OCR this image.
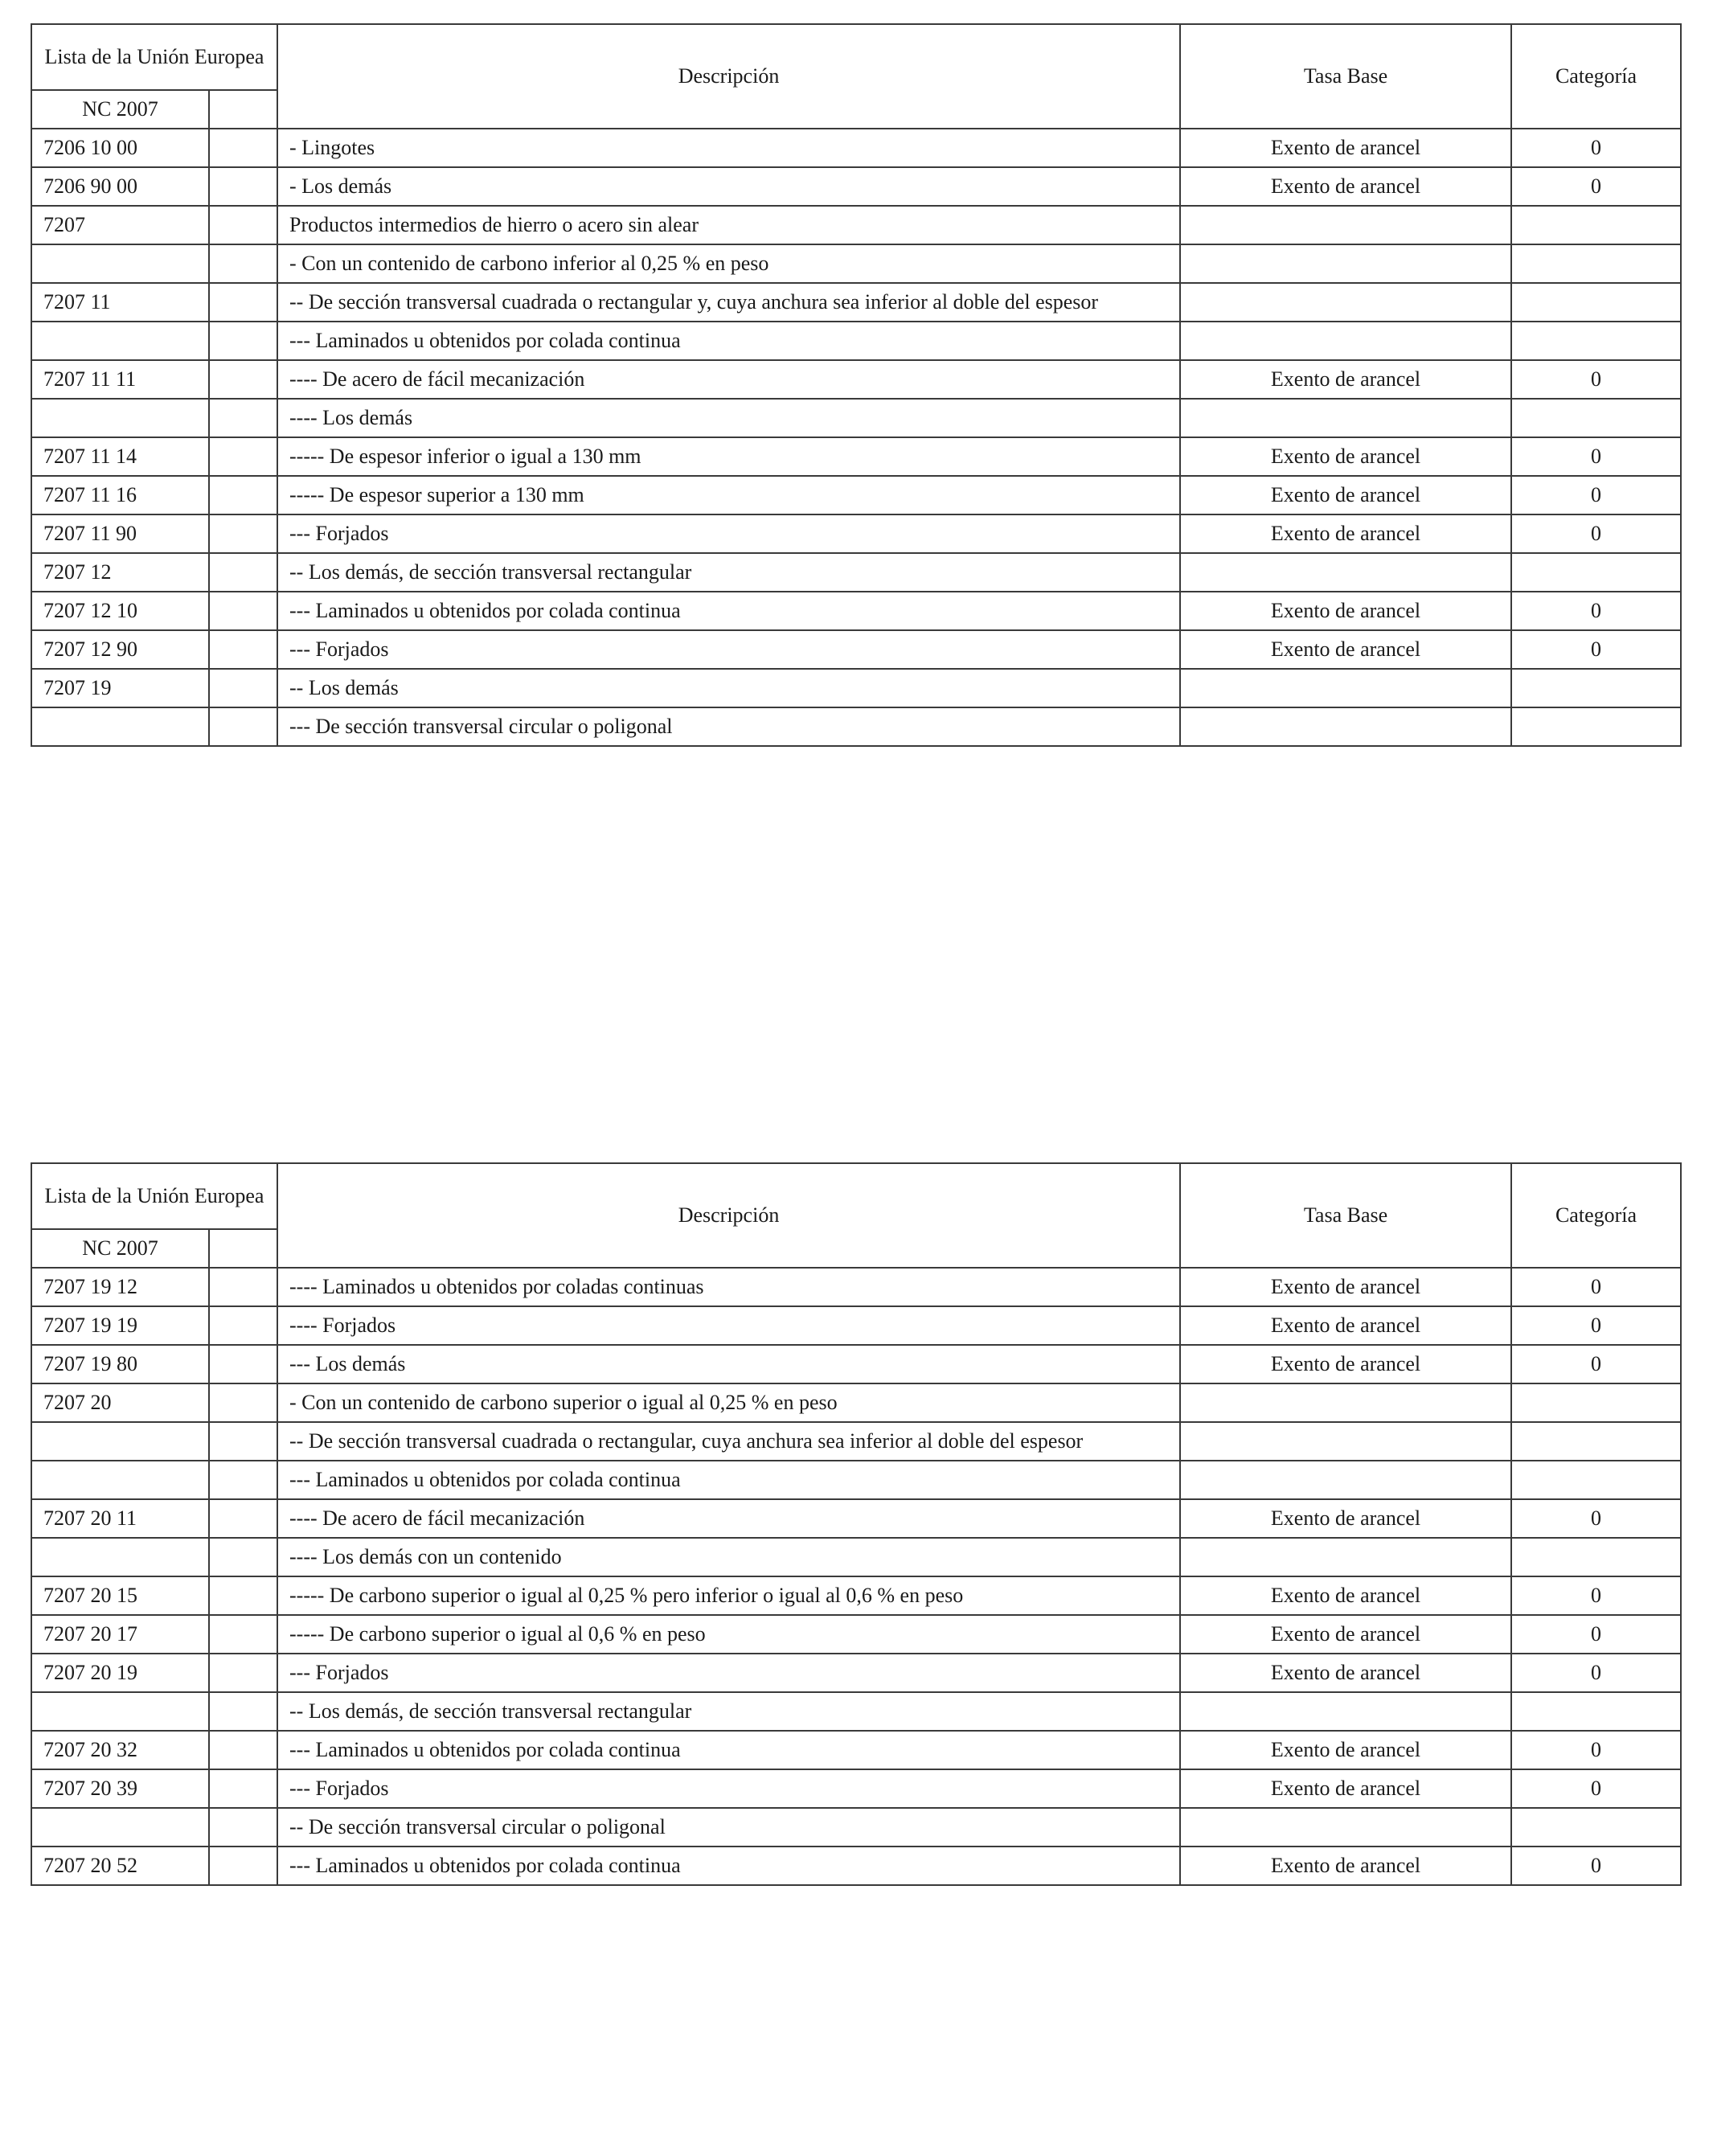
Lista de la Unión Europea		Descripción	Tasa Base	Categoría
NC 2007				
7206 10 00		- Lingotes	Exento de arancel	0
7206 90 00		- Los demás	Exento de arancel	0
7207		Productos intermedios de hierro o acero sin alear		
		- Con un contenido de carbono inferior al 0,25 % en peso		
7207 11		-- De sección transversal cuadrada o rectangular y, cuya anchura sea inferior al doble del espesor		
		--- Laminados u obtenidos por colada continua		
7207 11 11		---- De acero de fácil mecanización	Exento de arancel	0
		---- Los demás		
7207 11 14		----- De espesor inferior o igual a 130 mm	Exento de arancel	0
7207 11 16		----- De espesor superior a 130 mm	Exento de arancel	0
7207 11 90		--- Forjados	Exento de arancel	0
7207 12		-- Los demás, de sección transversal rectangular		
7207 12 10		--- Laminados u obtenidos por colada continua	Exento de arancel	0
7207 12 90		--- Forjados	Exento de arancel	0
7207 19		-- Los demás		
		--- De sección transversal circular o poligonal		
Lista de la Unión Europea		Descripción	Tasa Base	Categoría
NC 2007				
7207 19 12		---- Laminados u obtenidos por coladas continuas	Exento de arancel	0
7207 19 19		---- Forjados	Exento de arancel	0
7207 19 80		--- Los demás	Exento de arancel	0
7207 20		- Con un contenido de carbono superior o igual al 0,25 % en peso		
		-- De sección transversal cuadrada o rectangular, cuya anchura sea inferior al doble del espesor		
		--- Laminados u obtenidos por colada continua		
7207 20 11		---- De acero de fácil mecanización	Exento de arancel	0
		---- Los demás con un contenido		
7207 20 15		----- De carbono superior o igual al 0,25 % pero inferior o igual al 0,6 % en peso	Exento de arancel	0
7207 20 17		----- De carbono superior o igual al 0,6 % en peso	Exento de arancel	0
7207 20 19		--- Forjados	Exento de arancel	0
		-- Los demás, de sección transversal rectangular		
7207 20 32		--- Laminados u obtenidos por colada continua	Exento de arancel	0
7207 20 39		--- Forjados	Exento de arancel	0
		-- De sección transversal circular o poligonal		
7207 20 52		--- Laminados u obtenidos por colada continua	Exento de arancel	0
